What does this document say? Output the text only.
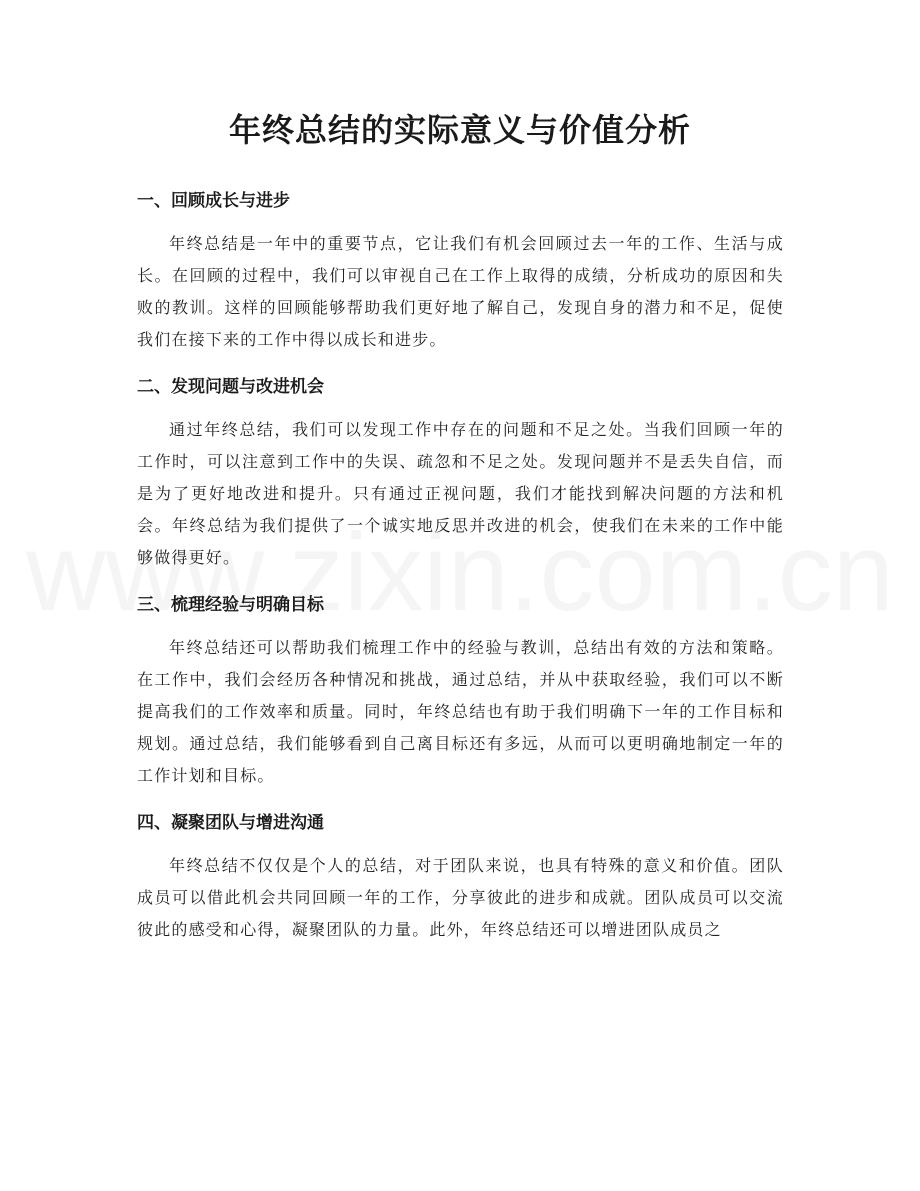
年终总结的实际意义与价值分析
一、回顾成长与进步

年终总结是一年中的重要节点，它让我们有机会回顾过去一年的工作、生活与成长。在回顾的过程中，我们可以审视自己在工作上取得的成绩，分析成功的原因和失败的教训。这样的回顾能够帮助我们更好地了解自己，发现自身的潜力和不足，促使我们在接下来的工作中得以成长和进步。

二、发现问题与改进机会

通过年终总结，我们可以发现工作中存在的问题和不足之处。当我们回顾一年的工作时，可以注意到工作中的失误、疏忽和不足之处。发现问题并不是丢失自信，而是为了更好地改进和提升。只有通过正视问题，我们才能找到解决问题的方法和机会。年终总结为我们提供了一个诚实地反思并改进的机会，使我们在未来的工作中能够做得更好。

三、梳理经验与明确目标

年终总结还可以帮助我们梳理工作中的经验与教训，总结出有效的方法和策略。在工作中，我们会经历各种情况和挑战，通过总结，并从中获取经验，我们可以不断提高我们的工作效率和质量。同时，年终总结也有助于我们明确下一年的工作目标和规划。通过总结，我们能够看到自己离目标还有多远，从而可以更明确地制定一年的工作计划和目标。

四、凝聚团队与增进沟通

年终总结不仅仅是个人的总结，对于团队来说，也具有特殊的意义和价值。团队成员可以借此机会共同回顾一年的工作，分享彼此的进步和成就。团队成员可以交流彼此的感受和心得，凝聚团队的力量。此外，年终总结还可以增进团队成员之
